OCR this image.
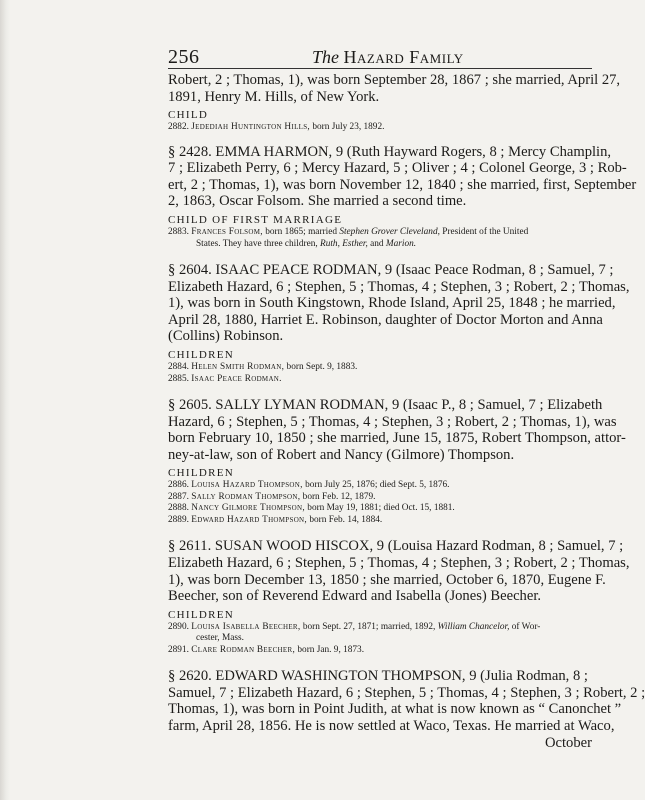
256	The Hazard Family
Robert, 2 ; Thomas, 1), was born September 28, 1867 ; she married, April 27,
1891, Henry M. Hills, of New York.
CHILD
2882. Jedediah Huntington Hills, born July 23, 1892.
§ 2428. EMMA HARMON, 9 (Ruth Hayward Rogers, 8 ; Mercy Champlin,
7 ; Elizabeth Perry, 6 ; Mercy Hazard, 5 ; Oliver ; 4 ; Colonel George, 3 ; Rob-
ert, 2 ; Thomas, 1), was born November 12, 1840 ; she married, first, September
2, 1863, Oscar Folsom. She married a second time.
CHILD OF FIRST MARRIAGE
2883. Frances Folsom, born 1865; married Stephen Grover Cleveland, President of the United
States. They have three children, Ruth, Esther, and Marion.
§ 2604. ISAAC PEACE RODMAN, 9 (Isaac Peace Rodman, 8 ; Samuel, 7 ;
Elizabeth Hazard, 6 ; Stephen, 5 ; Thomas, 4 ; Stephen, 3 ; Robert, 2 ; Thomas,
1), was born in South Kingstown, Rhode Island, April 25, 1848 ; he married,
April 28, 1880, Harriet E. Robinson, daughter of Doctor Morton and Anna
(Collins) Robinson.
CHILDREN
2884. Helen Smith Rodman, born Sept. 9, 1883.
2885. Isaac Peace Rodman.
§ 2605. SALLY LYMAN RODMAN, 9 (Isaac P., 8 ; Samuel, 7 ; Elizabeth
Hazard, 6 ; Stephen, 5 ; Thomas, 4 ; Stephen, 3 ; Robert, 2 ; Thomas, 1), was
born February 10, 1850 ; she married, June 15, 1875, Robert Thompson, attor-
ney-at-law, son of Robert and Nancy (Gilmore) Thompson.
CHILDREN
2886. Louisa Hazard Thompson, born July 25, 1876; died Sept. 5, 1876.
2887. Sally Rodman Thompson, born Feb. 12, 1879.
2888. Nancy Gilmore Thompson, born May 19, 1881; died Oct. 15, 1881.
2889. Edward Hazard Thompson, born Feb. 14, 1884.
§ 2611. SUSAN WOOD HISCOX, 9 (Louisa Hazard Rodman, 8 ; Samuel, 7 ;
Elizabeth Hazard, 6 ; Stephen, 5 ; Thomas, 4 ; Stephen, 3 ; Robert, 2 ; Thomas,
1), was born December 13, 1850 ; she married, October 6, 1870, Eugene F.
Beecher, son of Reverend Edward and Isabella (Jones) Beecher.
CHILDREN
2890. Louisa Isabella Beecher, born Sept. 27, 1871; married, 1892, William Chancelor, of Wor-
cester, Mass.
2891. Clare Rodman Beecher, born Jan. 9, 1873.
§ 2620. EDWARD WASHINGTON THOMPSON, 9 (Julia Rodman, 8 ;
Samuel, 7 ; Elizabeth Hazard, 6 ; Stephen, 5 ; Thomas, 4 ; Stephen, 3 ; Robert, 2 ;
Thomas, 1), was born in Point Judith, at what is now known as “ Canonchet ”
farm, April 28, 1856. He is now settled at Waco, Texas. He married at Waco,
October
